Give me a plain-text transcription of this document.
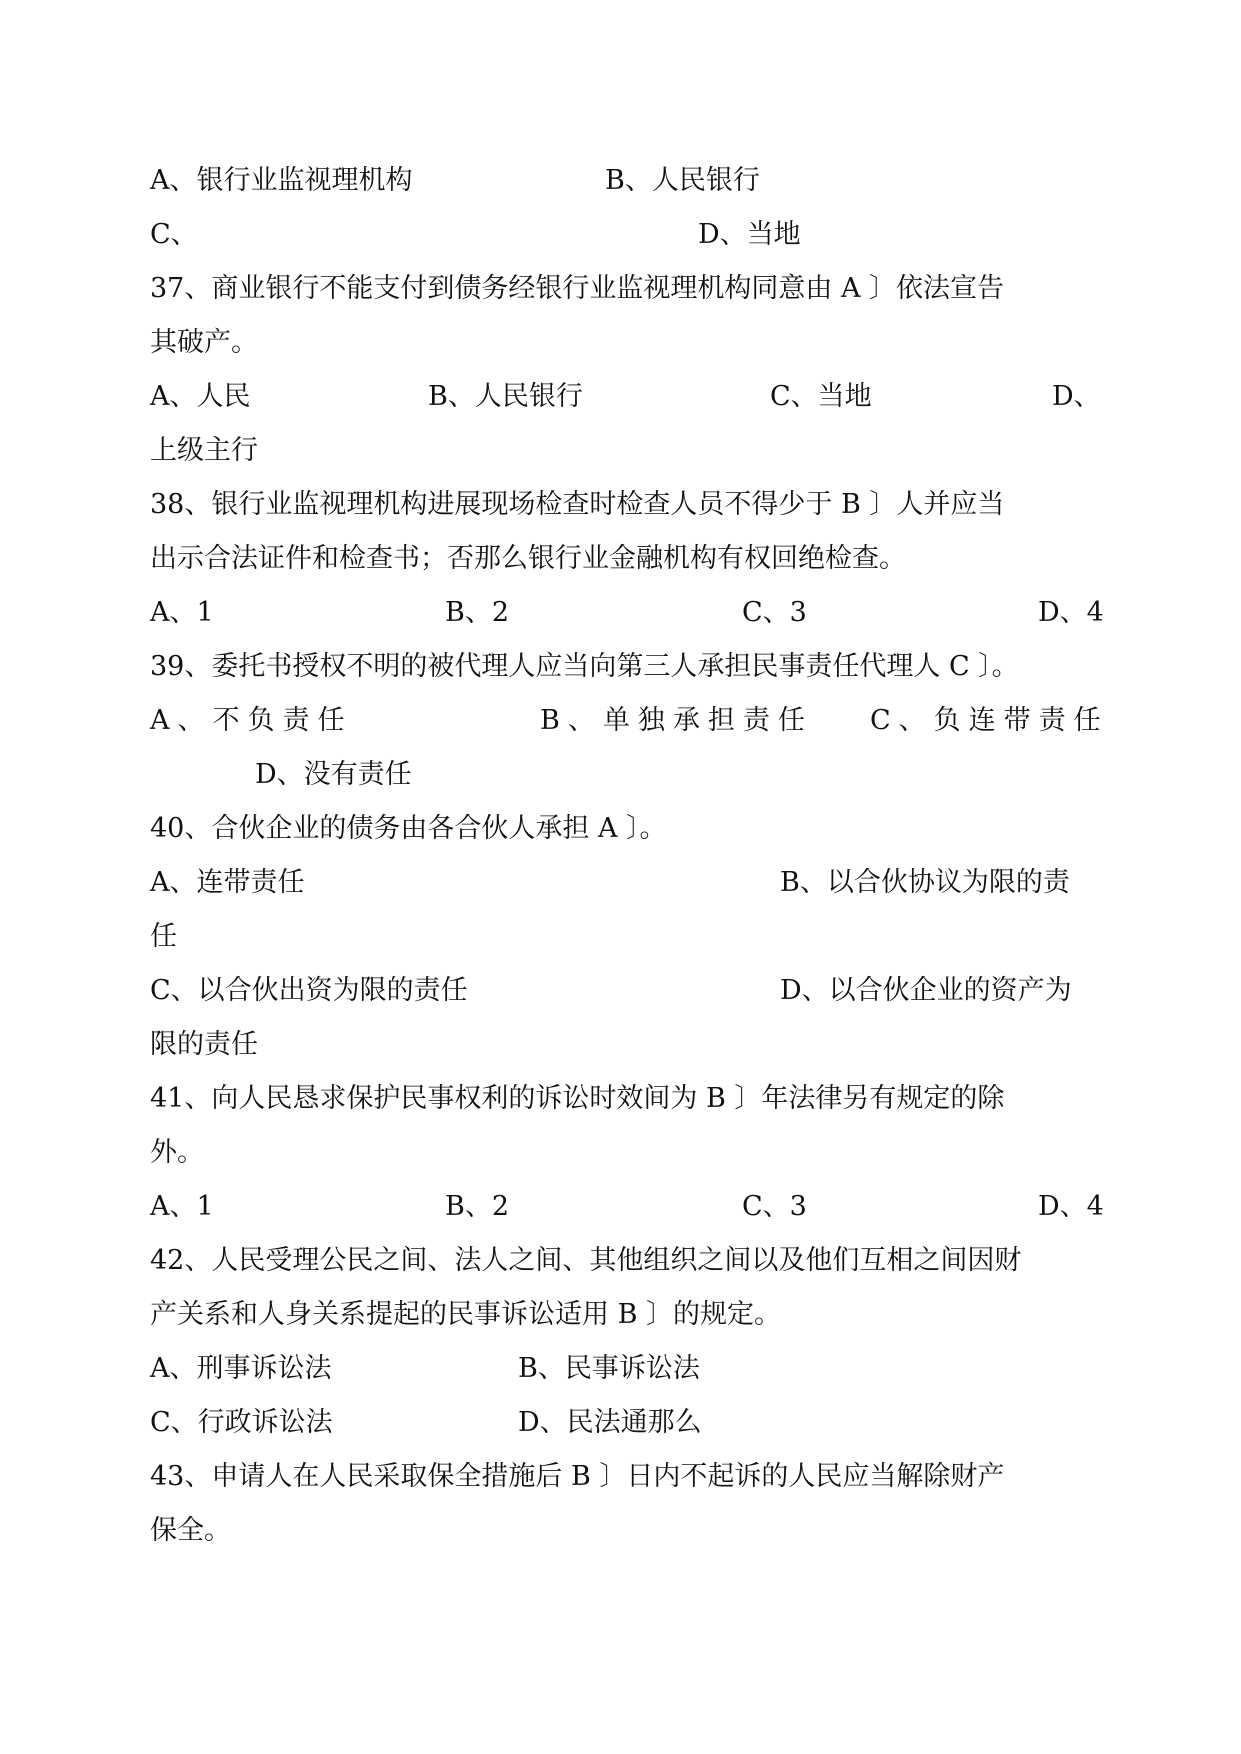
A、银行业监视理机构	B、人民银行
C、	D、当地
37、商业银行不能支付到债务经银行业监视理机构同意由 A 〕依法宣告
其破产。
A、人民	B、人民银行	C、当地	D、
上级主行
38、银行业监视理机构进展现场检查时检查人员不得少于 B 〕人并应当
出示合法证件和检查书；否那么银行业金融机构有权回绝检查。
A、1	B、2	C、3	D、4
39、委托书授权不明的被代理人应当向第三人承担民事责任代理人 C 〕。
A、不负责任	B、单独承担责任 C、负连带责任
D、没有责任
40、合伙企业的债务由各合伙人承担 A 〕。
A、连带责任	B、以合伙协议为限的责
任
C、以合伙出资为限的责任	D、以合伙企业的资产为
限的责任
41、向人民恳求保护民事权利的诉讼时效间为 B 〕年法律另有规定的除
外。
A、1	B、2	C、3	D、4
42、人民受理公民之间、法人之间、其他组织之间以及他们互相之间因财
产关系和人身关系提起的民事诉讼适用 B 〕的规定。
A、刑事诉讼法	B、民事诉讼法
C、行政诉讼法	D、民法通那么
43、申请人在人民采取保全措施后 B 〕日内不起诉的人民应当解除财产
保全。
